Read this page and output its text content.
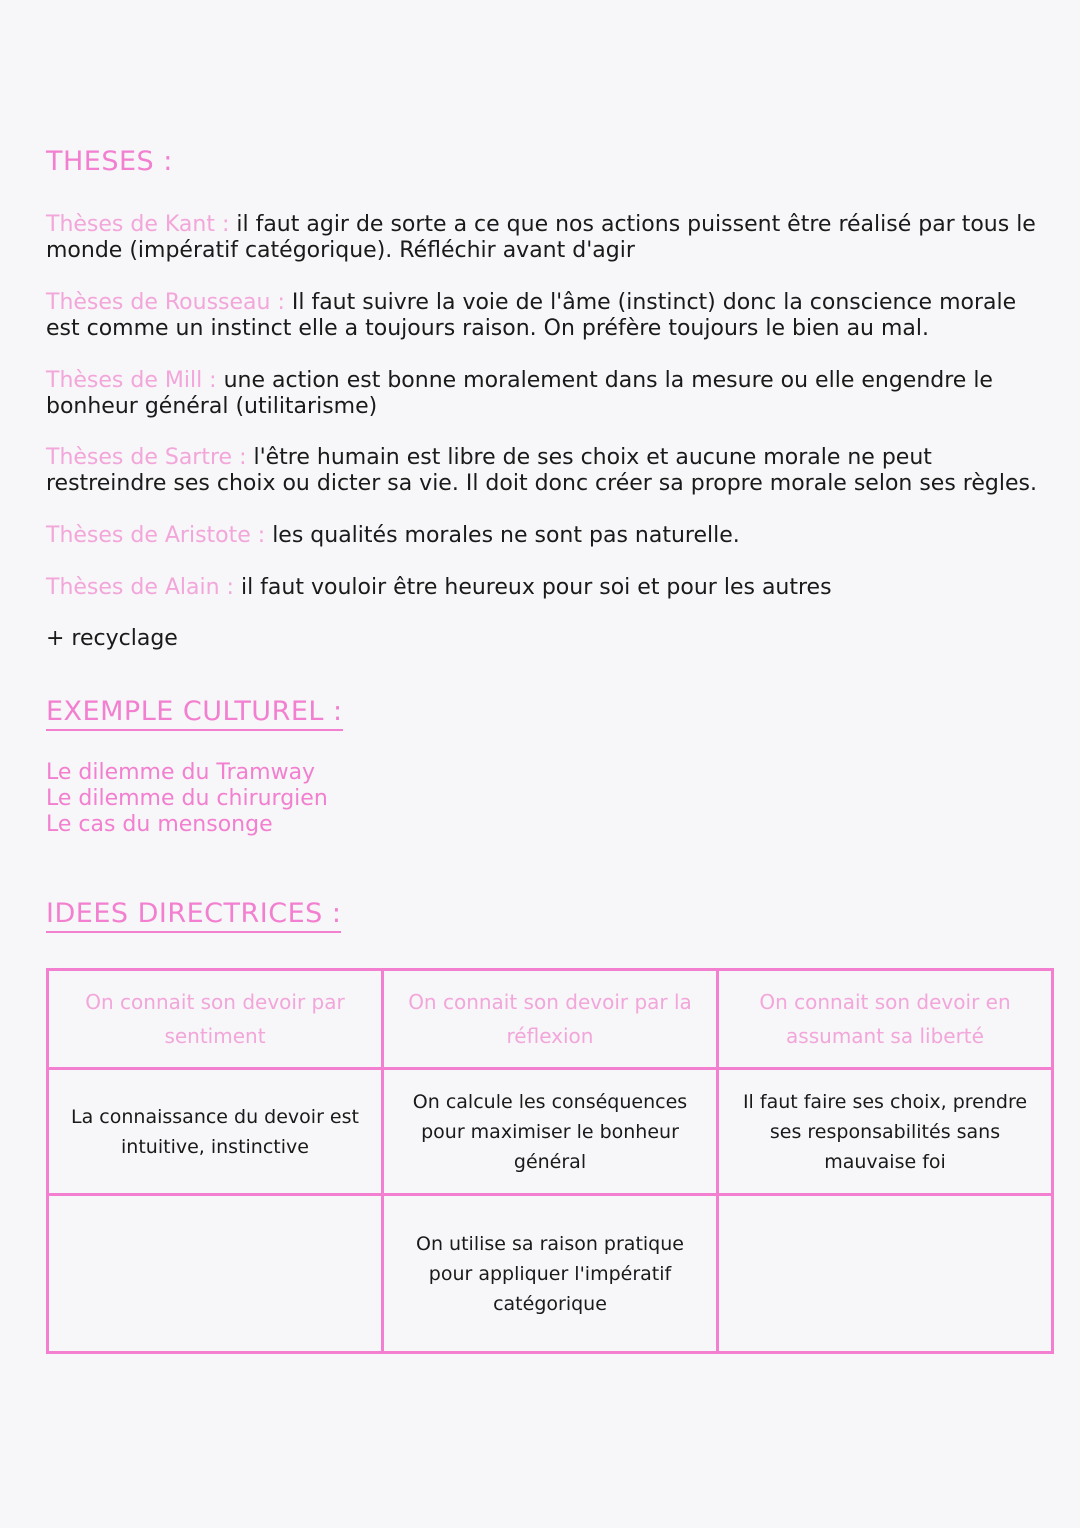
THESES :

Thèses de Kant : il faut agir de sorte a ce que nos actions puissent être réalisé par tous le monde (impératif catégorique). Réfléchir avant d'agir

Thèses de Rousseau : Il faut suivre la voie de l'âme (instinct) donc la conscience morale est comme un instinct elle a toujours raison. On préfère toujours le bien au mal.

Thèses de Mill : une action est bonne moralement dans la mesure ou elle engendre le bonheur général (utilitarisme)

Thèses de Sartre : l'être humain est libre de ses choix et aucune morale ne peut restreindre ses choix ou dicter sa vie. Il doit donc créer sa propre morale selon ses règles.

Thèses de Aristote : les qualités morales ne sont pas naturelle.

Thèses de Alain : il faut vouloir être heureux pour soi et pour les autres

+ recyclage

EXEMPLE CULTUREL :
Le dilemme du Tramway
Le dilemme du chirurgien
Le cas du mensonge
IDEES DIRECTRICES :
On connait son devoir par sentiment	On connait son devoir par la réflexion	On connait son devoir en assumant sa liberté
La connaissance du devoir est intuitive, instinctive	On calcule les conséquences pour maximiser le bonheur général	Il faut faire ses choix, prendre ses responsabilités sans mauvaise foi
	On utilise sa raison pratique pour appliquer l'impératif catégorique	
